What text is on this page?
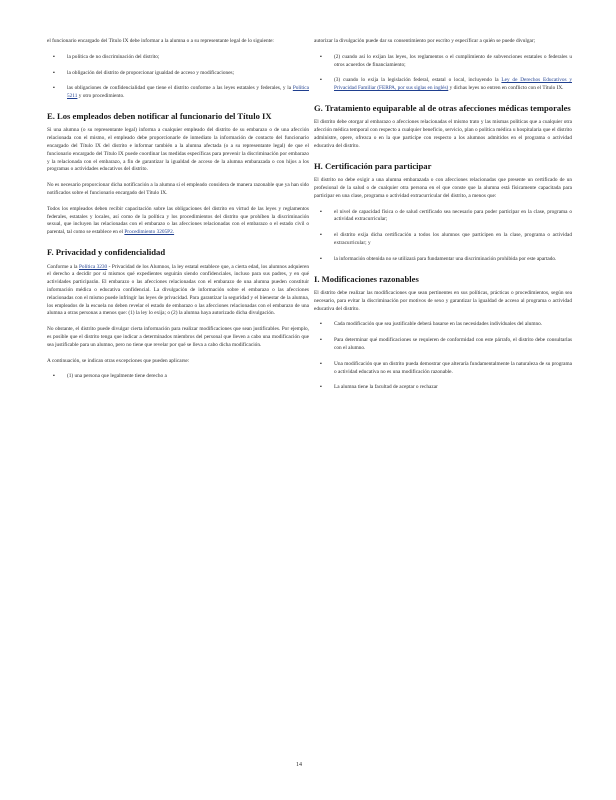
el funcionario encargado del Título IX debe informar a la alumna o a su representante legal de lo siguiente:

▪	la política de no discriminación del distrito;
▪	la obligación del distrito de proporcionar igualdad de acceso y modificaciones;
▪	las obligaciones de confidencialidad que tiene el distrito conforme a las leyes estatales y federales, y la Política 5211 y otro procedimiento.
E. Los empleados deben notificar al funcionario del Título IX

Si una alumna (o su representante legal) informa a cualquier empleado del distrito de su embarazo o de una afección relacionada con el mismo, el empleado debe proporcionarle de inmediato la información de contacto del funcionario encargado del Título IX del distrito e informar también a la alumna afectada (o a su representante legal) de que el funcionario encargado del Título IX puede coordinar las medidas específicas para prevenir la discriminación por embarazo y la relacionada con el embarazo, a fin de garantizar la igualdad de acceso de la alumna embarazada o con hijos a los programas o actividades educativos del distrito.

No es necesario proporcionar dicha notificación a la alumna si el empleado considera de manera razonable que ya han sido notificados sobre el funcionario encargado del Título IX.

Todos los empleados deben recibir capacitación sobre las obligaciones del distrito en virtud de las leyes y reglamentos federales, estatales y locales, así como de la política y los procedimientos del distrito que prohíben la discriminación sexual, que incluyen las relacionadas con el embarazo o las afecciones relacionadas con el embarazo o el estado civil o parental, tal como se establece en el Procedimiento 3205P2.

F. Privacidad y confidencialidad

Conforme a la Política 3230 - Privacidad de los Alumnos, la ley estatal establece que, a cierta edad, los alumnos adquieren el derecho a decidir por sí mismos qué expedientes seguirán siendo confidenciales, incluso para sus padres, y en qué actividades participarán. El embarazo o las afecciones relacionadas con el embarazo de una alumna pueden constituir información médica o educativa confidencial. La divulgación de información sobre el embarazo o las afecciones relacionadas con el mismo puede infringir las leyes de privacidad. Para garantizar la seguridad y el bienestar de la alumna, los empleados de la escuela no deben revelar el estado de embarazo o las afecciones relacionadas con el embarazo de una alumna a otras personas a menos que: (1) la ley lo exija; o (2) la alumna haya autorizado dicha divulgación.

No obstante, el distrito puede divulgar cierta información para realizar modificaciones que sean justificables. Por ejemplo, es posible que el distrito tenga que indicar a determinados miembros del personal que lleven a cabo una modificación que sea justificable para un alumno, pero no tiene que revelar por qué se lleva a cabo dicha modificación.

A continuación, se indican otras excepciones que pueden aplicarse:

▪	(1) una persona que legalmente tiene derecho a

autorizar la divulgación puede dar su consentimiento por escrito y específicar a quién se puede divulgar;

▪	(2) cuando así lo exijan las leyes, los reglamentos o el cumplimiento de subvenciones estatales o federales u otros acuerdos de financiamiento;
▪	(3) cuando lo exija la legislación federal, estatal o local, incluyendo la Ley de Derechos Educativos y Privacidad Familiar (FERPA, por sus siglas en inglés) y dichas leyes no entren en conflicto con el Título IX.
G. Tratamiento equiparable al de otras afecciones médicas temporales

El distrito debe otorgar al embarazo o afecciones relacionadas el mismo trato y las mismas políticas que a cualquier otra afección médica temporal con respecto a cualquier beneficio, servicio, plan o política médica u hospitalaria que el distrito administre, opere, ofrezca o en la que participe con respecto a los alumnos admitidos en el programa o actividad educativa del distrito.

H. Certificación para participar

El distrito no debe exigir a una alumna embarazada o con afecciones relacionadas que presente un certificado de un profesional de la salud o de cualquier otra persona en el que conste que la alumna está físicamente capacitada para participar en una clase, programa o actividad extracurricular del distrito, a menos que:

▪	el nivel de capacidad física o de salud certificado sea necesario para poder participar en la clase, programa o actividad extracurricular;
▪	el distrito exija dicha certificación a todos los alumnos que participen en la clase, programa o actividad extracurricular; y
▪	la información obtenida no se utilizará para fundamentar una discriminación prohibida por este apartado.
I. Modificaciones razonables

El distrito debe realizar las modificaciones que sean pertinentes en sus políticas, prácticas o procedimientos, según sea necesario, para evitar la discriminación por motivos de sexo y garantizar la igualdad de acceso al programa o actividad educativa del distrito.

▪	Cada modificación que sea justificable deberá basarse en las necesidades individuales del alumno.
▪	Para determinar qué modificaciones se requieren de conformidad con este párrafo, el distrito debe consultarlas con el alumno.
▪	Una modificación que un distrito pueda demostrar que alteraría fundamentalmente la naturaleza de su programa o actividad educativa no es una modificación razonable.
▪	La alumna tiene la facultad de aceptar o rechazar
14
